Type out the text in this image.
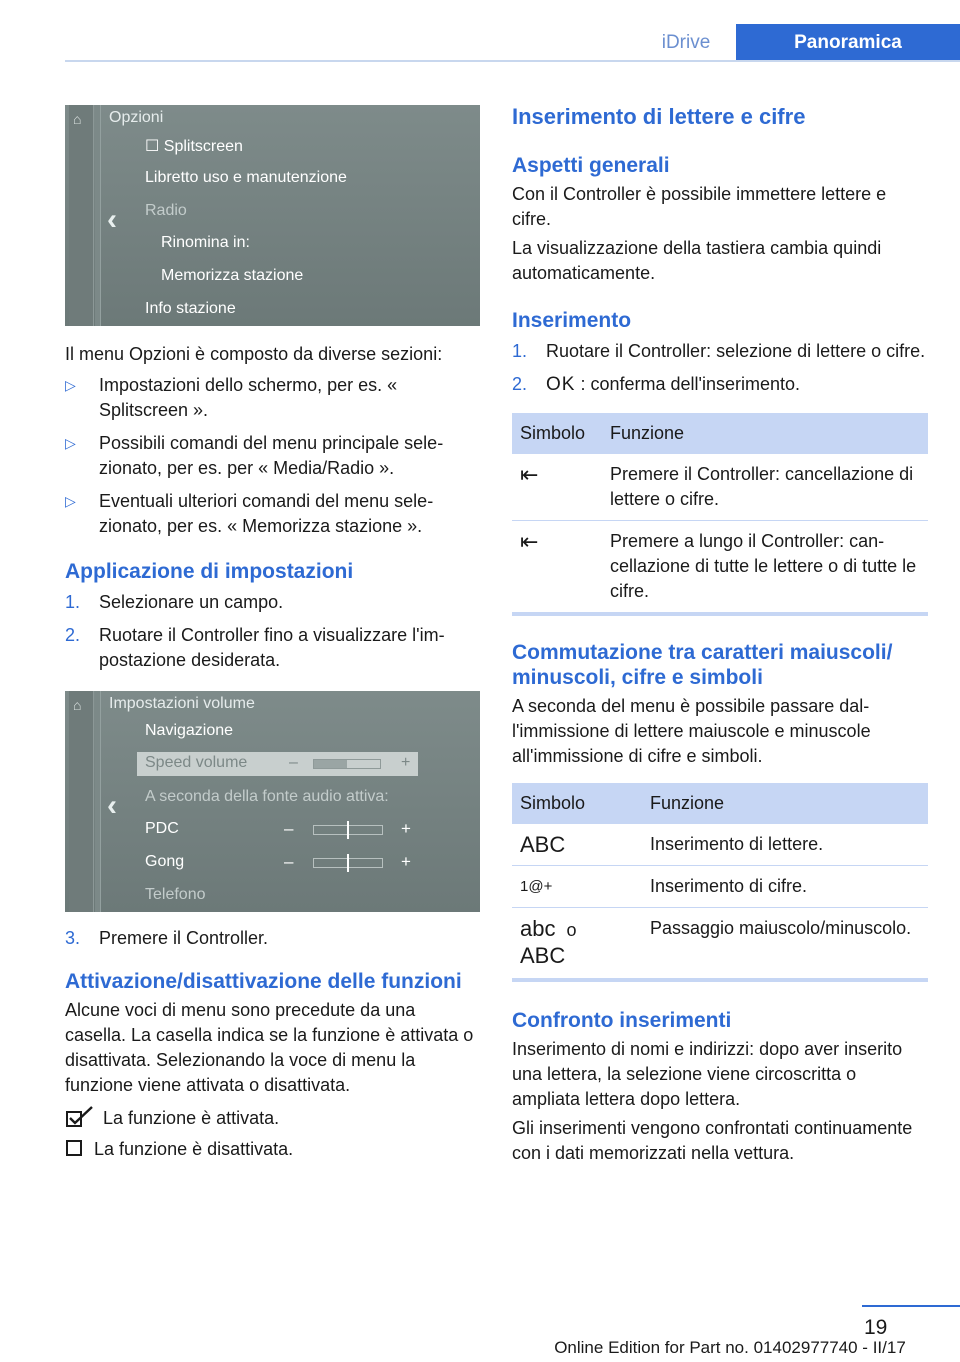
iDrive	Panoramica
⌂
‹
Opzioni
☐ Splitscreen
Libretto uso e manutenzione
Radio
Rinomina in:
Memorizza stazione
Info stazione
Il menu Opzioni è composto da diverse sezioni:
▷ Impostazioni dello schermo, per es. « Splitscreen ».
▷ Possibili comandi del menu principale selezionato, per es. per « Media/Radio ».
▷ Eventuali ulteriori comandi del menu selezionato, per es. « Memorizza stazione ».
Applicazione di impostazioni
1. Selezionare un campo.
2. Ruotare il Controller fino a visualizzare l'impostazione desiderata.
⌂
‹
Impostazioni volume
Navigazione
Speed volume	–	+
A seconda della fonte audio attiva:
PDC	–	+
Gong	–	+
Telefono
3. Premere il Controller.
Attivazione/disattivazione delle funzioni

Alcune voci di menu sono precedute da una casella. La casella indica se la funzione è attivata o disattivata. Selezionando la voce di menu la funzione viene attivata o disattivata.

La funzione è attivata.
La funzione è disattivata.
Inserimento di lettere e cifre
Aspetti generali

Con il Controller è possibile immettere lettere e cifre.

La visualizzazione della tastiera cambia quindi automaticamente.

Inserimento
1. Ruotare il Controller: selezione di lettere o cifre.
2. OK : conferma dell'inserimento.
Simbolo	Funzione
⇤	Premere il Controller: cancellazione di lettere o cifre.
⇤	Premere a lungo il Controller: cancellazione di tutte le lettere o di tutte le cifre.
Commutazione tra caratteri maiuscoli/ minuscoli, cifre e simboli

A seconda del menu è possibile passare dall'immissione di lettere maiuscole e minuscole all'immissione di cifre e simboli.

Simbolo	Funzione
ABC	Inserimento di lettere.
1@+	Inserimento di cifre.
abc o
ABC	Passaggio maiuscolo/minuscolo.
Confronto inserimenti

Inserimento di nomi e indirizzi: dopo aver inserito una lettera, la selezione viene circoscritta o ampliata lettera dopo lettera.

Gli inserimenti vengono confrontati continuamente con i dati memorizzati nella vettura.

19
Online Edition for Part no. 01402977740 - II/17
